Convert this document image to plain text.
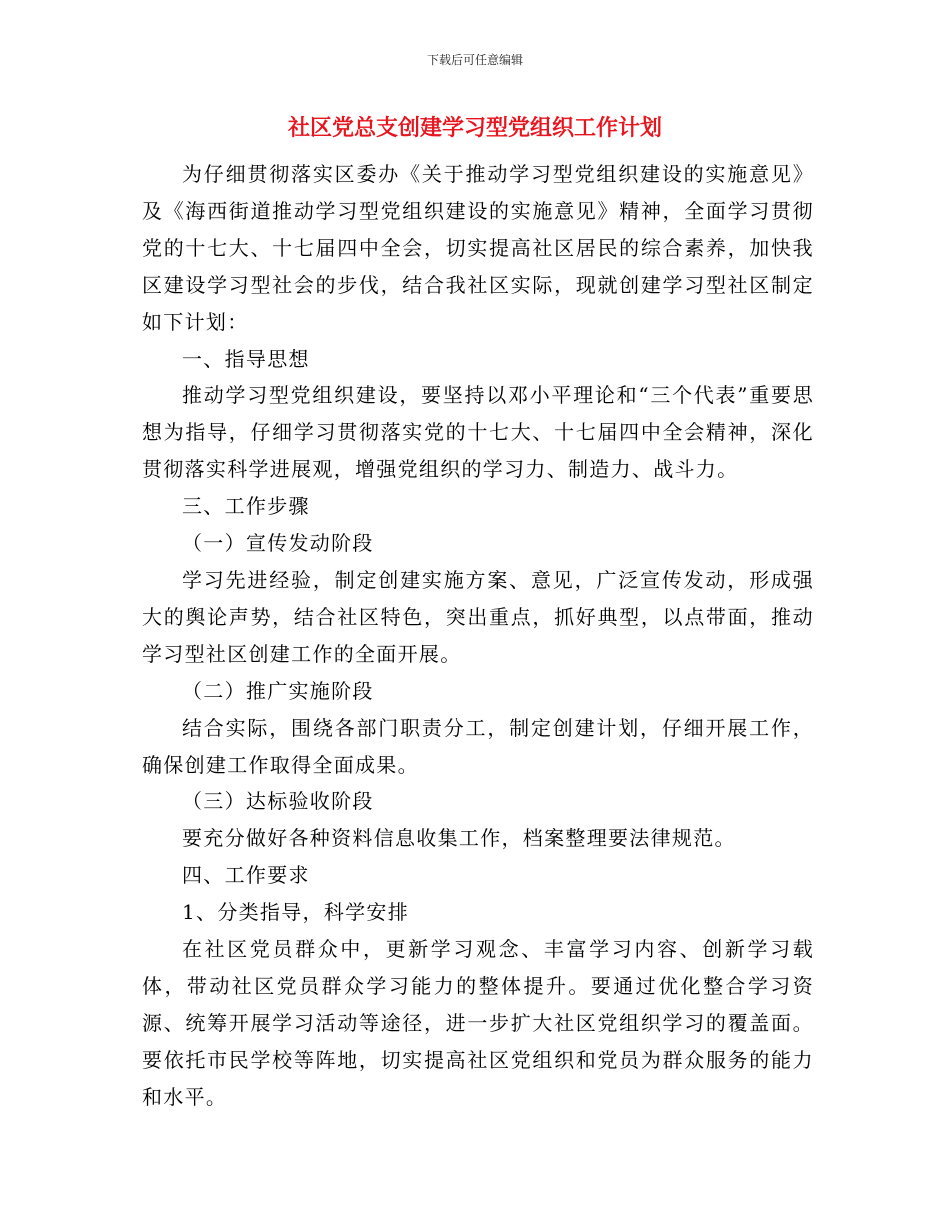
下载后可任意编辑
社区党总支创建学习型党组织工作计划

为仔细贯彻落实区委办《关于推动学习型党组织建设的实施意见》及《海西街道推动学习型党组织建设的实施意见》精神，全面学习贯彻党的十七大、十七届四中全会，切实提高社区居民的综合素养，加快我区建设学习型社会的步伐，结合我社区实际，现就创建学习型社区制定如下计划：

一、指导思想

推动学习型党组织建设，要坚持以邓小平理论和“三个代表”重要思想为指导，仔细学习贯彻落实党的十七大、十七届四中全会精神，深化贯彻落实科学进展观，增强党组织的学习力、制造力、战斗力。

三、工作步骤

（一）宣传发动阶段

学习先进经验，制定创建实施方案、意见，广泛宣传发动，形成强大的舆论声势，结合社区特色，突出重点，抓好典型，以点带面，推动学习型社区创建工作的全面开展。

（二）推广实施阶段

结合实际，围绕各部门职责分工，制定创建计划，仔细开展工作，确保创建工作取得全面成果。

（三）达标验收阶段

要充分做好各种资料信息收集工作，档案整理要法律规范。

四、工作要求

1、分类指导，科学安排

在社区党员群众中，更新学习观念、丰富学习内容、创新学习载体，带动社区党员群众学习能力的整体提升。要通过优化整合学习资源、统筹开展学习活动等途径，进一步扩大社区党组织学习的覆盖面。要依托市民学校等阵地，切实提高社区党组织和党员为群众服务的能力和水平。
